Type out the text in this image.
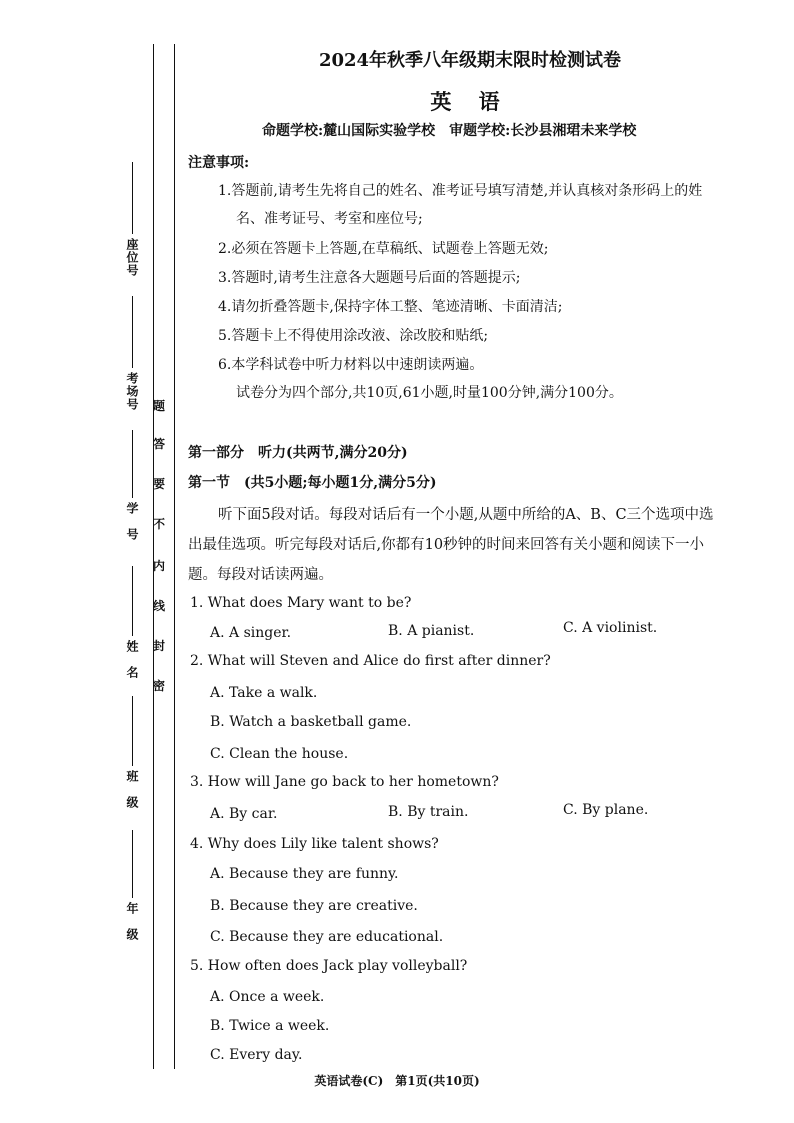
座位号
考场号
学　号
姓　名
班　级
年　级
题
答
要
不
内
线
封
密
2024年秋季八年级期末限时检测试卷
英 语
命题学校:麓山国际实验学校　审题学校:长沙县湘珺未来学校
注意事项:
1.答题前,请考生先将自己的姓名、准考证号填写清楚,并认真核对条形码上的姓
名、准考证号、考室和座位号;
2.必须在答题卡上答题,在草稿纸、试题卷上答题无效;
3.答题时,请考生注意各大题题号后面的答题提示;
4.请勿折叠答题卡,保持字体工整、笔迹清晰、卡面清洁;
5.答题卡上不得使用涂改液、涂改胶和贴纸;
6.本学科试卷中听力材料以中速朗读两遍。
试卷分为四个部分,共10页,61小题,时量100分钟,满分100分。
第一部分　听力(共两节,满分20分)
第一节　(共5小题;每小题1分,满分5分)
听下面5段对话。每段对话后有一个小题,从题中所给的A、B、C三个选项中选
出最佳选项。听完每段对话后,你都有10秒钟的时间来回答有关小题和阅读下一小
题。每段对话读两遍。
1. What does Mary want to be?
A. A singer.	B. A pianist.	C. A violinist.
2. What will Steven and Alice do first after dinner?
A. Take a walk.
B. Watch a basketball game.
C. Clean the house.
3. How will Jane go back to her hometown?
A. By car.	B. By train.	C. By plane.
4. Why does Lily like talent shows?
A. Because they are funny.
B. Because they are creative.
C. Because they are educational.
5. How often does Jack play volleyball?
A. Once a week.
B. Twice a week.
C. Every day.
英语试卷(C)　第1页(共10页)
